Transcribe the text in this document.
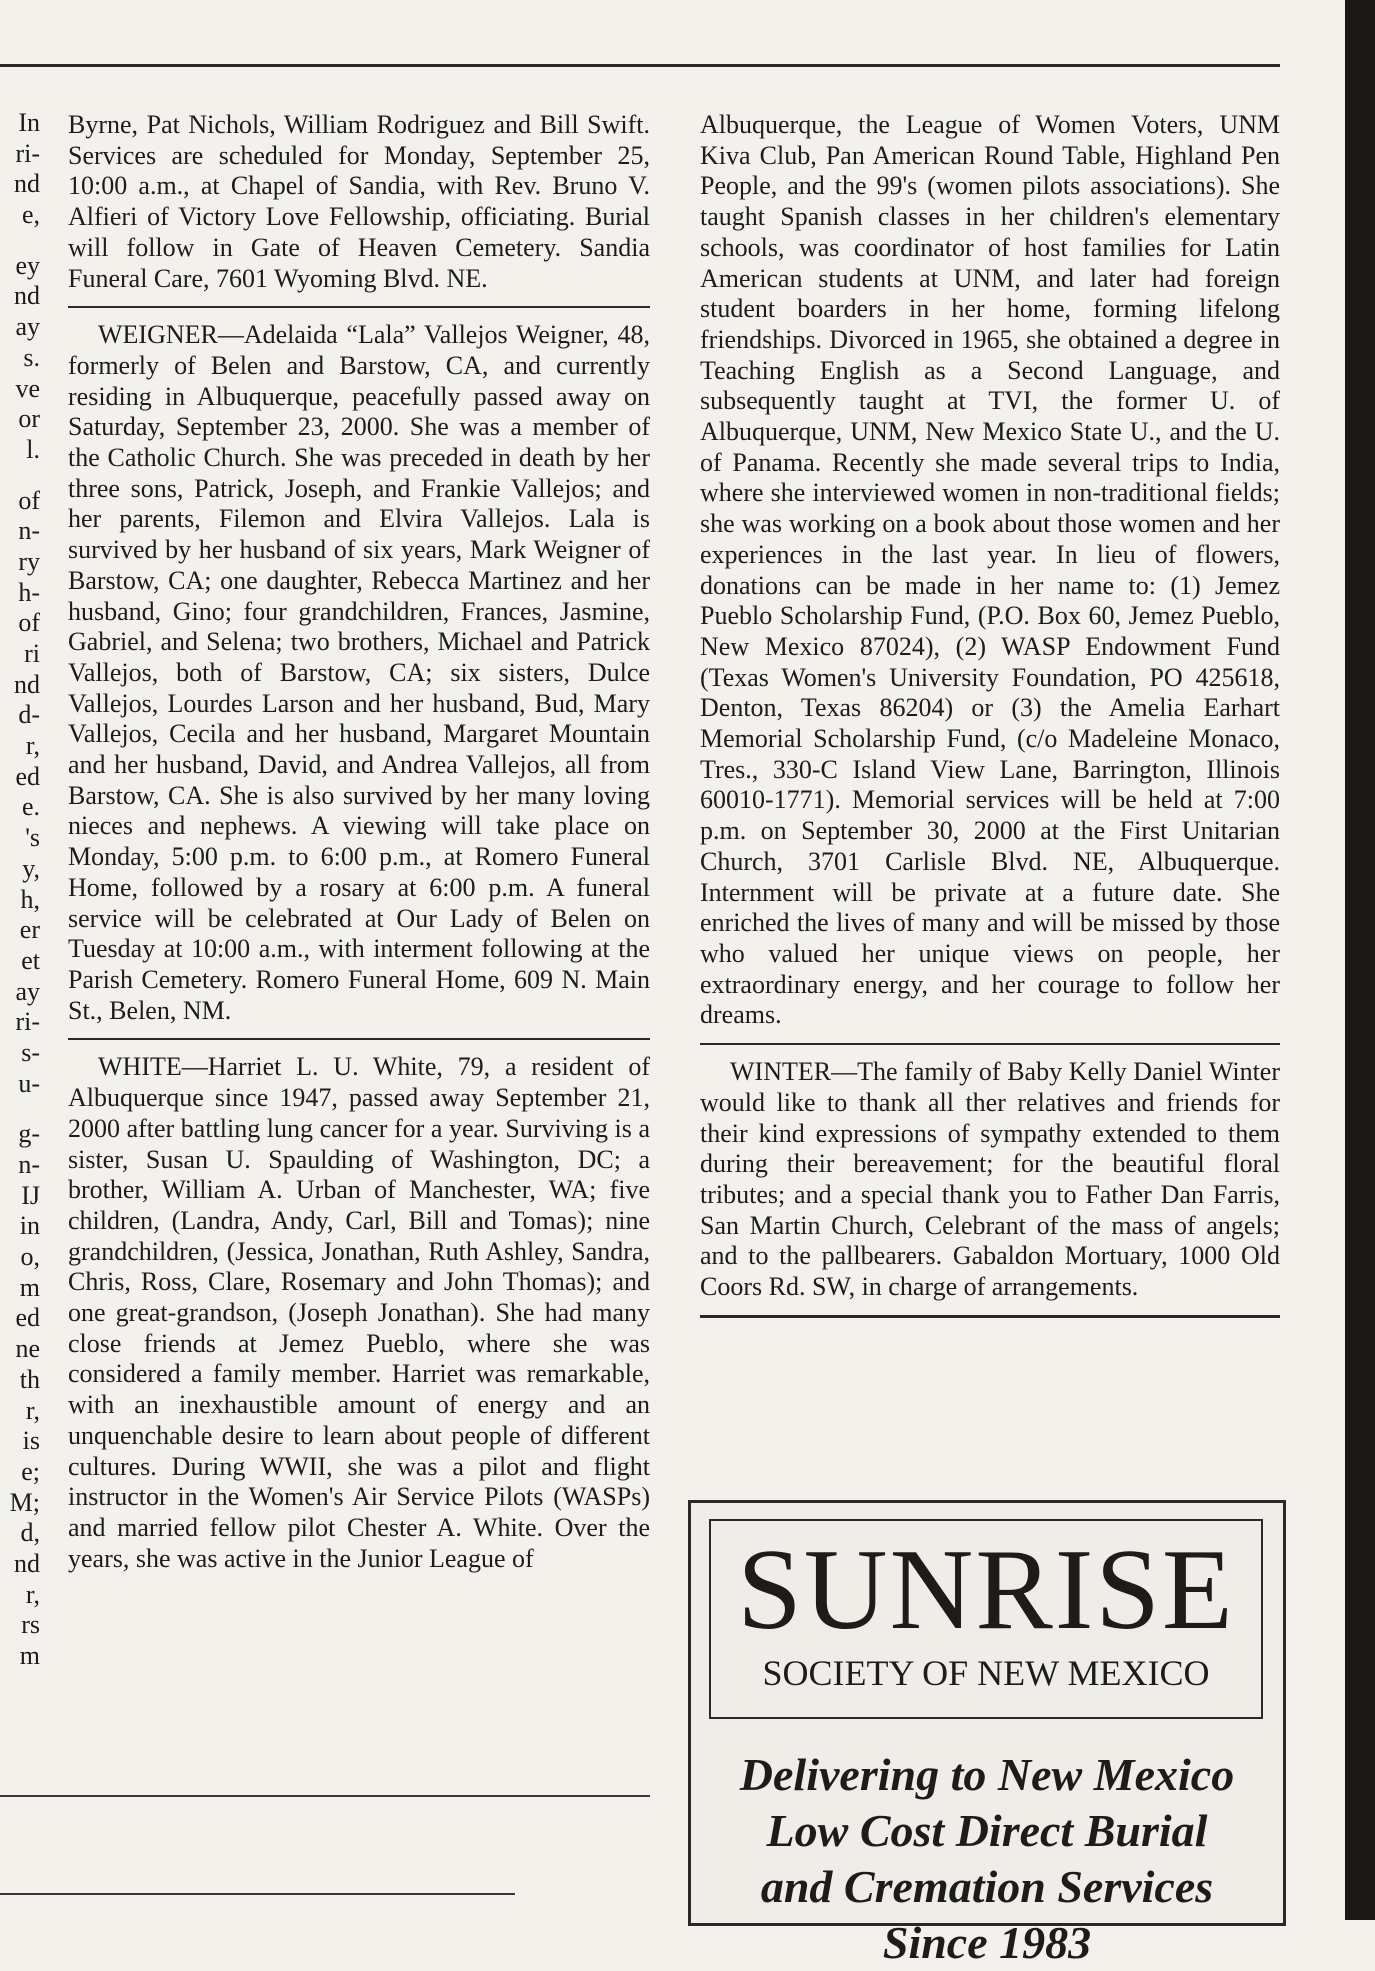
In
ri-
nd
e,
ey
nd
ay
s.
ve
or
l.
of
n-
ry
h-
of
ri
nd
d-
r,
ed
e.
's
y,
h,
er
et
ay
ri-
s-
u-
g-
n-
IJ
in
o,
m
ed
ne
th
r,
is
e;
M;
d,
nd
r,
rs
m

Byrne, Pat Nichols, William Rodriguez and Bill Swift. Services are scheduled for Monday, September 25, 10:00 a.m., at Chapel of Sandia, with Rev. Bruno V. Alfieri of Victory Love Fellowship, officiating. Burial will follow in Gate of Heaven Cemetery. Sandia Funeral Care, 7601 Wyoming Blvd. NE.

WEIGNER—Adelaida “Lala” Vallejos Weigner, 48, formerly of Belen and Barstow, CA, and currently residing in Albuquerque, peacefully passed away on Saturday, September 23, 2000. She was a member of the Catholic Church. She was preceded in death by her three sons, Patrick, Joseph, and Frankie Vallejos; and her parents, Filemon and Elvira Vallejos. Lala is survived by her husband of six years, Mark Weigner of Barstow, CA; one daughter, Rebecca Martinez and her husband, Gino; four grandchildren, Frances, Jasmine, Gabriel, and Selena; two brothers, Michael and Patrick Vallejos, both of Barstow, CA; six sisters, Dulce Vallejos, Lourdes Larson and her husband, Bud, Mary Vallejos, Cecila and her husband, Margaret Mountain and her husband, David, and Andrea Vallejos, all from Barstow, CA. She is also survived by her many loving nieces and nephews. A viewing will take place on Monday, 5:00 p.m. to 6:00 p.m., at Romero Funeral Home, followed by a rosary at 6:00 p.m. A funeral service will be celebrated at Our Lady of Belen on Tuesday at 10:00 a.m., with interment following at the Parish Cemetery. Romero Funeral Home, 609 N. Main St., Belen, NM.

WHITE—Harriet L. U. White, 79, a resident of Albuquerque since 1947, passed away September 21, 2000 after battling lung cancer for a year. Surviving is a sister, Susan U. Spaulding of Washington, DC; a brother, William A. Urban of Manchester, WA; five children, (Landra, Andy, Carl, Bill and Tomas); nine grandchildren, (Jessica, Jonathan, Ruth Ashley, Sandra, Chris, Ross, Clare, Rosemary and John Thomas); and one great-grandson, (Joseph Jonathan). She had many close friends at Jemez Pueblo, where she was considered a family member. Harriet was remarkable, with an inexhaustible amount of energy and an unquenchable desire to learn about people of different cultures. During WWII, she was a pilot and flight instructor in the Women's Air Service Pilots (WASPs) and married fellow pilot Chester A. White. Over the years, she was active in the Junior League of

Albuquerque, the League of Women Voters, UNM Kiva Club, Pan American Round Table, Highland Pen People, and the 99's (women pilots associations). She taught Spanish classes in her children's elementary schools, was coordinator of host families for Latin American students at UNM, and later had foreign student boarders in her home, forming lifelong friendships. Divorced in 1965, she obtained a degree in Teaching English as a Second Language, and subsequently taught at TVI, the former U. of Albuquerque, UNM, New Mexico State U., and the U. of Panama. Recently she made several trips to India, where she interviewed women in non-traditional fields; she was working on a book about those women and her experiences in the last year. In lieu of flowers, donations can be made in her name to: (1) Jemez Pueblo Scholarship Fund, (P.O. Box 60, Jemez Pueblo, New Mexico 87024), (2) WASP Endowment Fund (Texas Women's University Foundation, PO 425618, Denton, Texas 86204) or (3) the Amelia Earhart Memorial Scholarship Fund, (c/o Madeleine Monaco, Tres., 330-C Island View Lane, Barrington, Illinois 60010-1771). Memorial services will be held at 7:00 p.m. on September 30, 2000 at the First Unitarian Church, 3701 Carlisle Blvd. NE, Albuquerque. Internment will be private at a future date. She enriched the lives of many and will be missed by those who valued her unique views on people, her extraordinary energy, and her courage to follow her dreams.

WINTER—The family of Baby Kelly Daniel Winter would like to thank all ther relatives and friends for their kind expressions of sympathy extended to them during their bereavement; for the beautiful floral tributes; and a special thank you to Father Dan Farris, San Martin Church, Celebrant of the mass of angels; and to the pallbearers. Gabaldon Mortuary, 1000 Old Coors Rd. SW, in charge of arrangements.

SUNRISE
SOCIETY OF NEW MEXICO
Delivering to New Mexico
Low Cost Direct Burial
and Cremation Services
Since 1983
